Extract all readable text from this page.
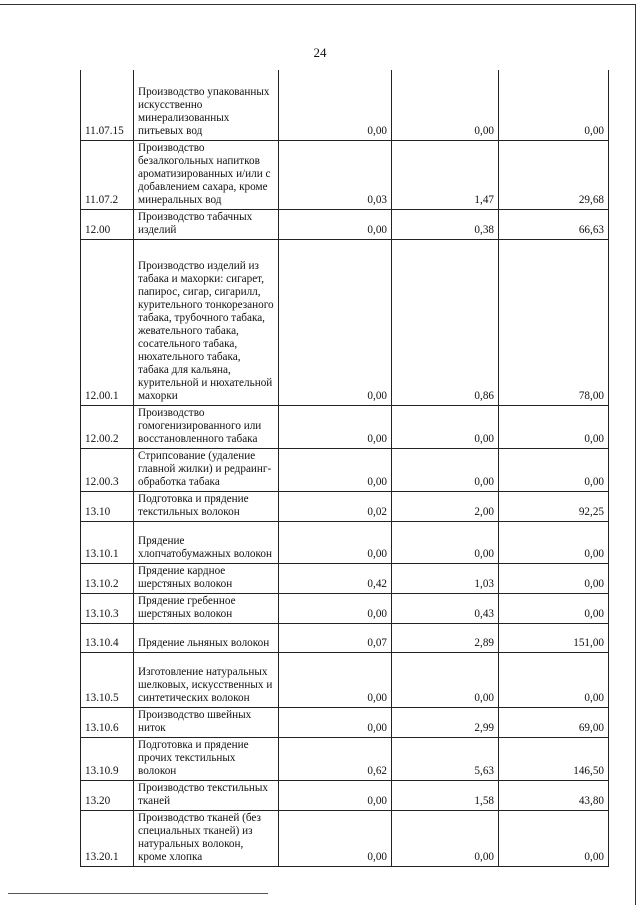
24
11.07.15	Производство упакованных искусственно минерализованных питьевых вод	0,00	0,00	0,00
11.07.2	Производство безалкогольных напитков ароматизированных и/или с добавлением сахара, кроме минеральных вод	0,03	1,47	29,68
12.00	Производство табачных изделий	0,00	0,38	66,63
12.00.1	Производство изделий из табака и махорки: сигарет, папирос, сигар, сигарилл, курительного тонкорезаного табака, трубочного табака, жевательного табака, сосательного табака, нюхательного табака, табака для кальяна, курительной и нюхательной махорки	0,00	0,86	78,00
12.00.2	Производство гомогенизированного или восстановленного табака	0,00	0,00	0,00
12.00.3	Стрипсование (удаление главной жилки) и редраинг-обработка табака	0,00	0,00	0,00
13.10	Подготовка и прядение текстильных волокон	0,02	2,00	92,25
13.10.1	Прядение хлопчатобумажных волокон	0,00	0,00	0,00
13.10.2	Прядение кардное шерстяных волокон	0,42	1,03	0,00
13.10.3	Прядение гребенное шерстяных волокон	0,00	0,43	0,00
13.10.4	Прядение льняных волокон	0,07	2,89	151,00
13.10.5	Изготовление натуральных шелковых, искусственных и синтетических волокон	0,00	0,00	0,00
13.10.6	Производство швейных ниток	0,00	2,99	69,00
13.10.9	Подготовка и прядение прочих текстильных волокон	0,62	5,63	146,50
13.20	Производство текстильных тканей	0,00	1,58	43,80
13.20.1	Производство тканей (без специальных тканей) из натуральных волокон, кроме хлопка	0,00	0,00	0,00
